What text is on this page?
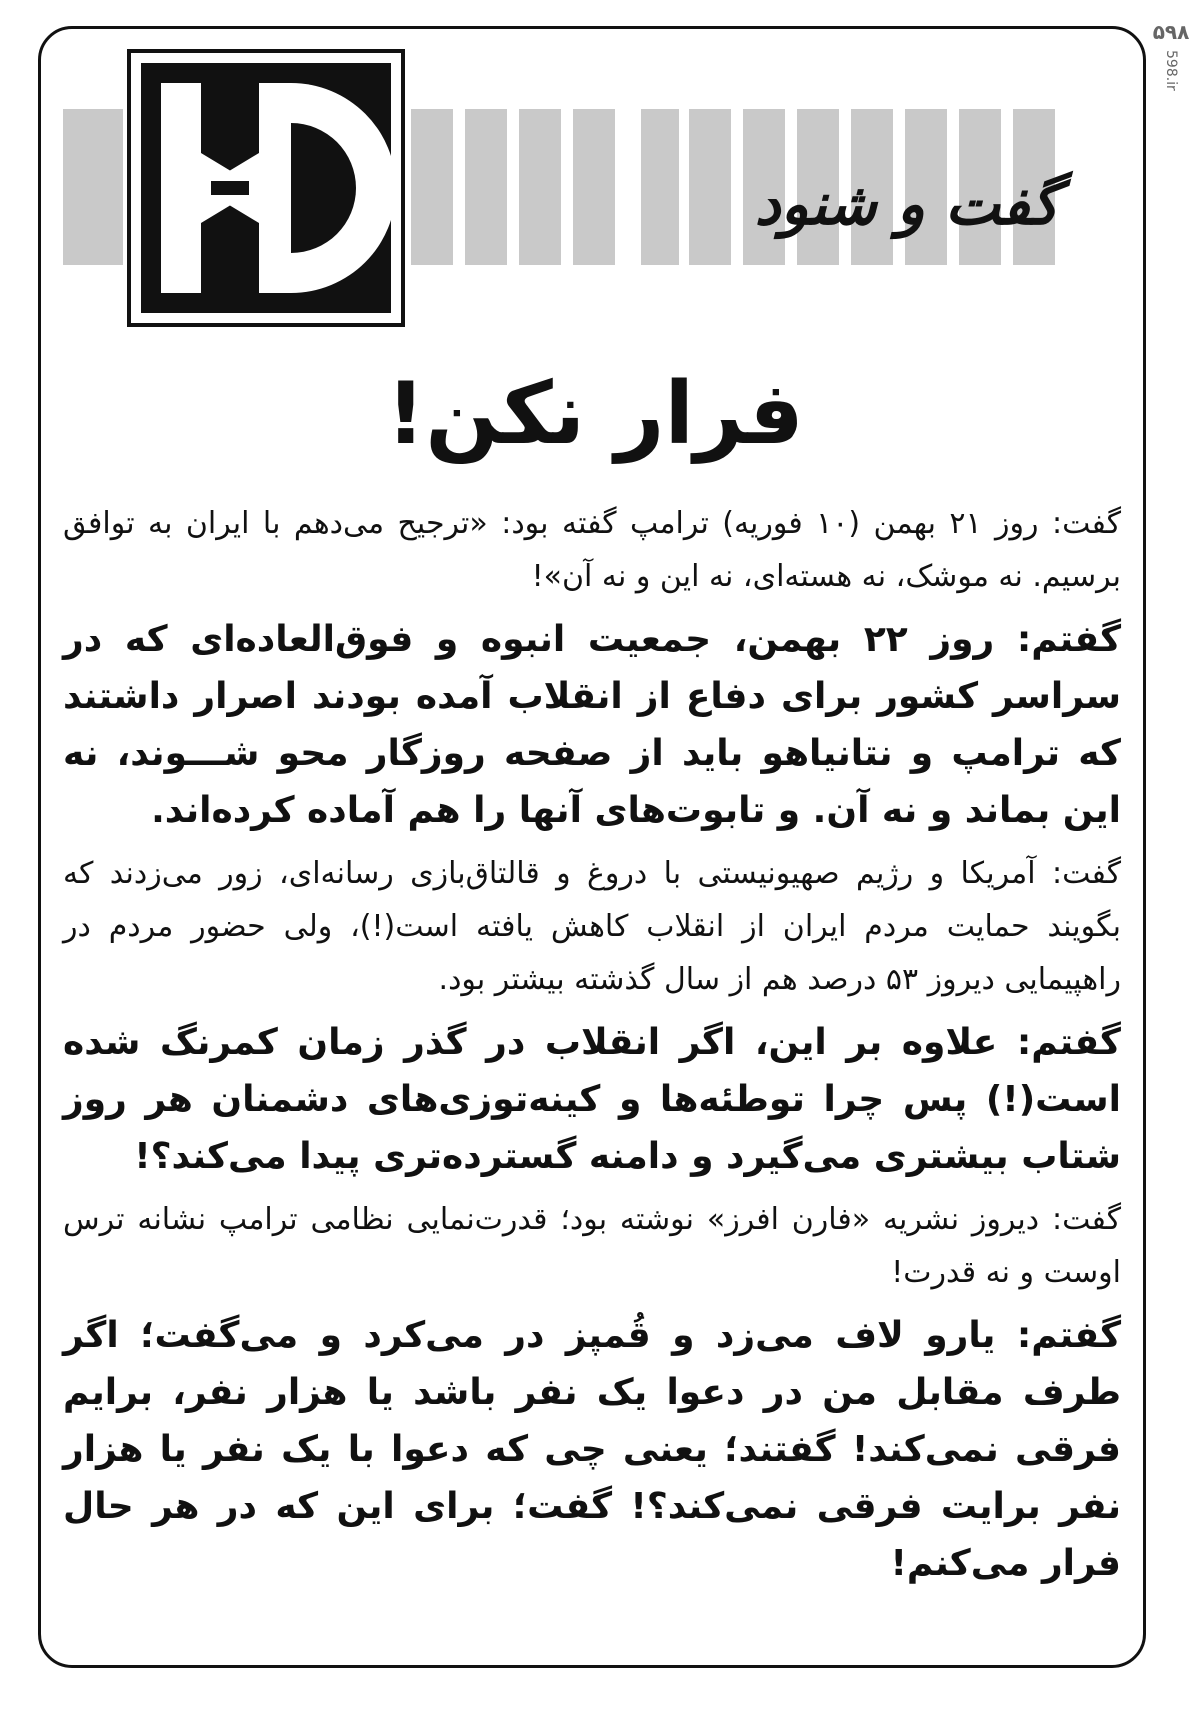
۵۹۸
598.ir
گفت و شنود
فرار نکن!

گفت: روز ۲۱ بهمن (۱۰ فوریه) ترامپ گفته بود: «ترجیح می‌دهم با ایران به توافق برسیم. نه موشک، نه هسته‌ای، نه این و نه آن»!

گفتم: روز ۲۲ بهمن، جمعیت انبوه و فوق‌العاده‌ای که در سراسر کشور برای دفاع از انقلاب آمده بودند اصرار داشتند که ترامپ و نتانیاهو باید از صفحه روزگار محو شـــوند، نه این بماند و نه آن. و تابوت‌های آنها را هم آماده کرده‌اند.

گفت: آمریکا و رژیم صهیونیستی با دروغ و قالتاق‌بازی رسانه‌ای، زور می‌زدند که بگویند حمایت مردم ایران از انقلاب کاهش یافته است(!)، ولی حضور مردم در راهپیمایی دیروز ۵۳ درصد هم از سال گذشته بیشتر بود.

گفتم: علاوه بر این، اگر انقلاب در گذر زمان کمرنگ شده است(!) پس چرا توطئه‌ها و کینه‌توزی‌های دشمنان هر روز شتاب بیشتری می‌گیرد و دامنه گسترده‌تری پیدا می‌کند؟!

گفت: دیروز نشریه «فارن افرز» نوشته بود؛ قدرت‌نمایی نظامی ترامپ نشانه ترس اوست و نه قدرت!

گفتم: یارو لاف می‌زد و قُمپز در می‌کرد و می‌گفت؛ اگر طرف مقابل من در دعوا یک نفر باشد یا هزار نفر، برایم فرقی نمی‌کند! گفتند؛ یعنی چی که دعوا با یک نفر یا هزار نفر برایت فرقی نمی‌کند؟! گفت؛ برای این که در هر حال فرار می‌کنم!
